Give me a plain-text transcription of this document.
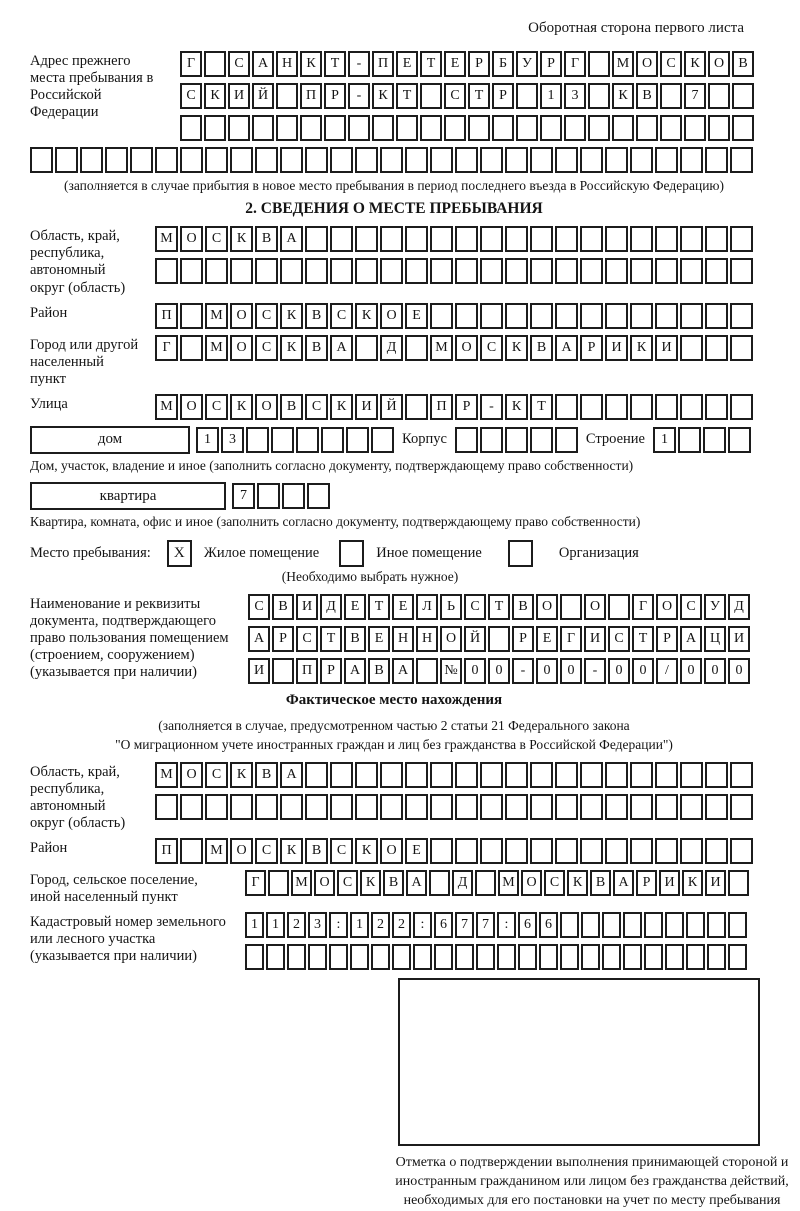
Оборотная сторона первого листа
Адрес прежнего места пребывания в Российской Федерации
Г	С	А Н	К	Т	-	П	Е	Т	Е	Р	Б	У	Р	Г	М О	С	К	О	В
С	К	И Й	П	Р	-	К	Т	С	Т	Р	1	3	К	В	7
(заполняется в случае прибытия в новое место пребывания в период последнего въезда в Российскую Федерацию)
2. СВЕДЕНИЯ О МЕСТЕ ПРЕБЫВАНИЯ
Область, край, республика, автономный округ (область)
М О	С	К	В	А
Район	П	М О	С	К	В	С	К	О	Е
Город или другой населенный пункт
Г	М О	С	К	В	А	Д	М О	С	К	В	А	Р	И	К	И
Улица	М О	С	К	О	В	С	К	И	Й	П	Р	-	К	Т
дом	1	3	Корпус	Строение	1
Дом, участок, владение и иное (заполнить согласно документу, подтверждающему право собственности)
квартира	7
Квартира, комната, офис и иное (заполнить согласно документу, подтверждающему право собственности)
Место пребывания:	X	Жилое помещение	Иное помещение	Организация
(Необходимо выбрать нужное)
Наименование и реквизиты документа, подтверждающего право пользования помещением (строением, сооружением) (указывается при наличии)
С	В	И	Д	Е	Т	Е	Л	Ь	С	Т	В	О	О	Г	О	С	У	Д
А	Р	С	Т	В	Е	Н Н О Й	Р	Е	Г	И	С	Т	Р	А Ц И
И	П	Р	А	В	А	№ 0	0	-	0	0	-	0	0	/	0	0	0
Фактическое место нахождения
(заполняется в случае, предусмотренном частью 2 статьи 21 Федерального закона
"О миграционном учете иностранных граждан и лиц без гражданства в Российской Федерации")
Область, край, республика, автономный округ (область)
М О	С	К	В	А
Район	П	М О	С	К	В	С	К	О	Е
Город, сельское поселение, иной населенный пункт
Г	М О С К В А	Д	М О С К В А	Р	И К И
Кадастровый номер земельного или лесного участка (указывается при наличии)
1	1	2	3	:	1	2	2	:	6	7	7	:	6	6
Отметка о подтверждении выполнения принимающей стороной и иностранным гражданином или лицом без гражданства действий, необходимых для его постановки на учет по месту пребывания
